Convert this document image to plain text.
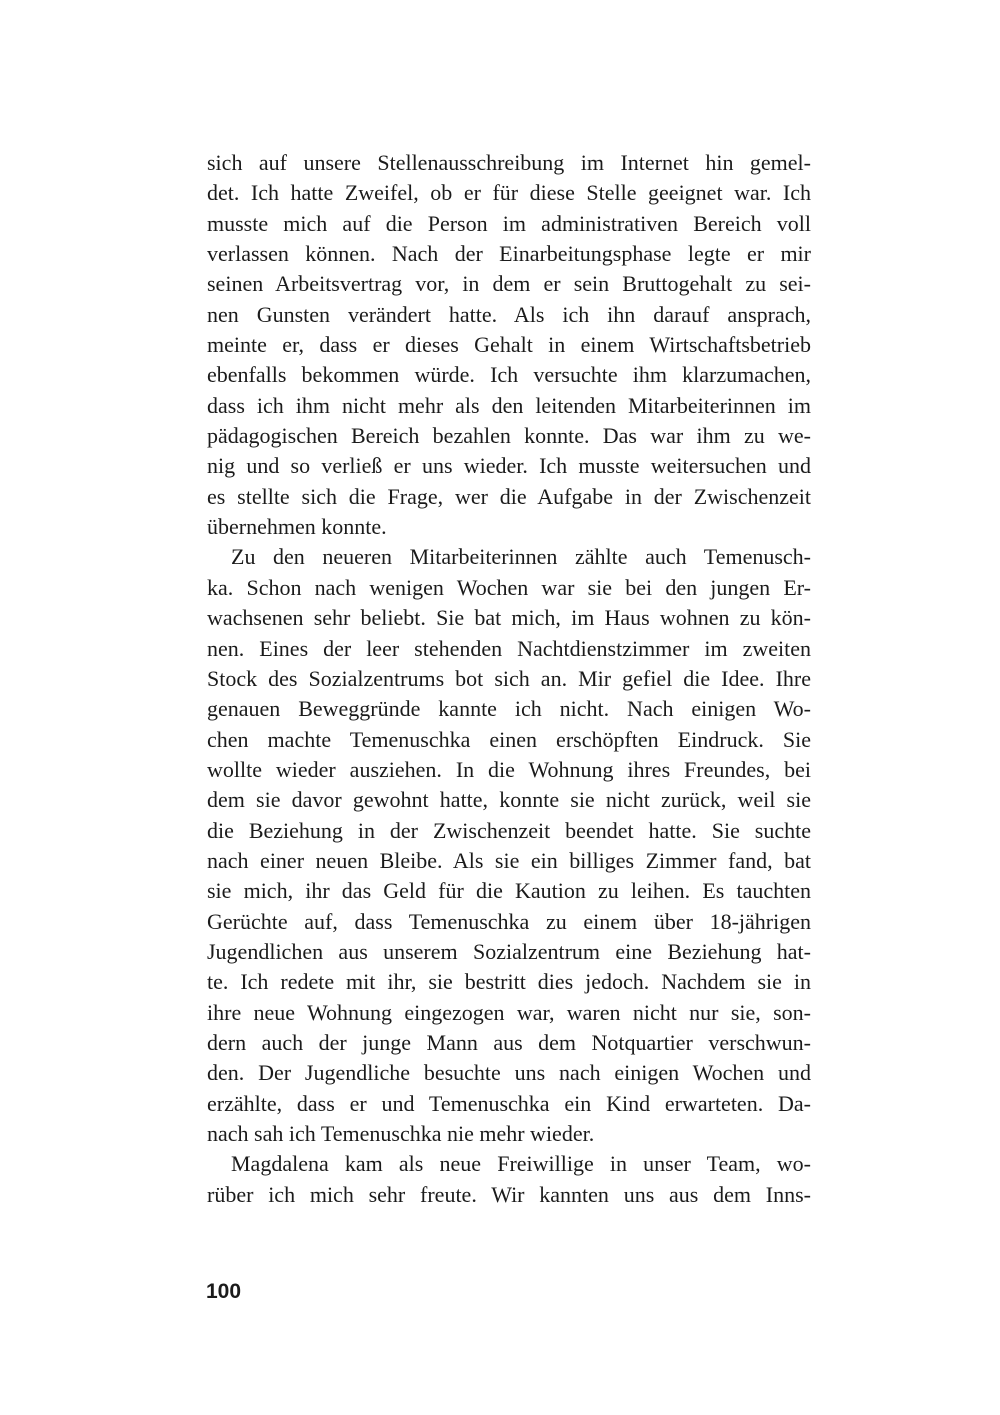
sich auf unsere Stellenausschreibung im Internet hin gemel-
det. Ich hatte Zweifel, ob er für diese Stelle geeignet war. Ich
musste mich auf die Person im administrativen Bereich voll
verlassen können. Nach der Einarbeitungsphase legte er mir
seinen Arbeitsvertrag vor, in dem er sein Bruttogehalt zu sei-
nen Gunsten verändert hatte. Als ich ihn darauf ansprach,
meinte er, dass er dieses Gehalt in einem Wirtschaftsbetrieb
ebenfalls bekommen würde. Ich versuchte ihm klarzumachen,
dass ich ihm nicht mehr als den leitenden Mitarbeiterinnen im
pädagogischen Bereich bezahlen konnte. Das war ihm zu we-
nig und so verließ er uns wieder. Ich musste weitersuchen und
es stellte sich die Frage, wer die Aufgabe in der Zwischenzeit
übernehmen konnte.
Zu den neueren Mitarbeiterinnen zählte auch Temenusch-
ka. Schon nach wenigen Wochen war sie bei den jungen Er-
wachsenen sehr beliebt. Sie bat mich, im Haus wohnen zu kön-
nen. Eines der leer stehenden Nachtdienstzimmer im zweiten
Stock des Sozialzentrums bot sich an. Mir gefiel die Idee. Ihre
genauen Beweggründe kannte ich nicht. Nach einigen Wo-
chen machte Temenuschka einen erschöpften Eindruck. Sie
wollte wieder ausziehen. In die Wohnung ihres Freundes, bei
dem sie davor gewohnt hatte, konnte sie nicht zurück, weil sie
die Beziehung in der Zwischenzeit beendet hatte. Sie suchte
nach einer neuen Bleibe. Als sie ein billiges Zimmer fand, bat
sie mich, ihr das Geld für die Kaution zu leihen. Es tauchten
Gerüchte auf, dass Temenuschka zu einem über 18-jährigen
Jugendlichen aus unserem Sozialzentrum eine Beziehung hat-
te. Ich redete mit ihr, sie bestritt dies jedoch. Nachdem sie in
ihre neue Wohnung eingezogen war, waren nicht nur sie, son-
dern auch der junge Mann aus dem Notquartier verschwun-
den. Der Jugendliche besuchte uns nach einigen Wochen und
erzählte, dass er und Temenuschka ein Kind erwarteten. Da-
nach sah ich Temenuschka nie mehr wieder.
Magdalena kam als neue Freiwillige in unser Team, wo-
rüber ich mich sehr freute. Wir kannten uns aus dem Inns-
100
